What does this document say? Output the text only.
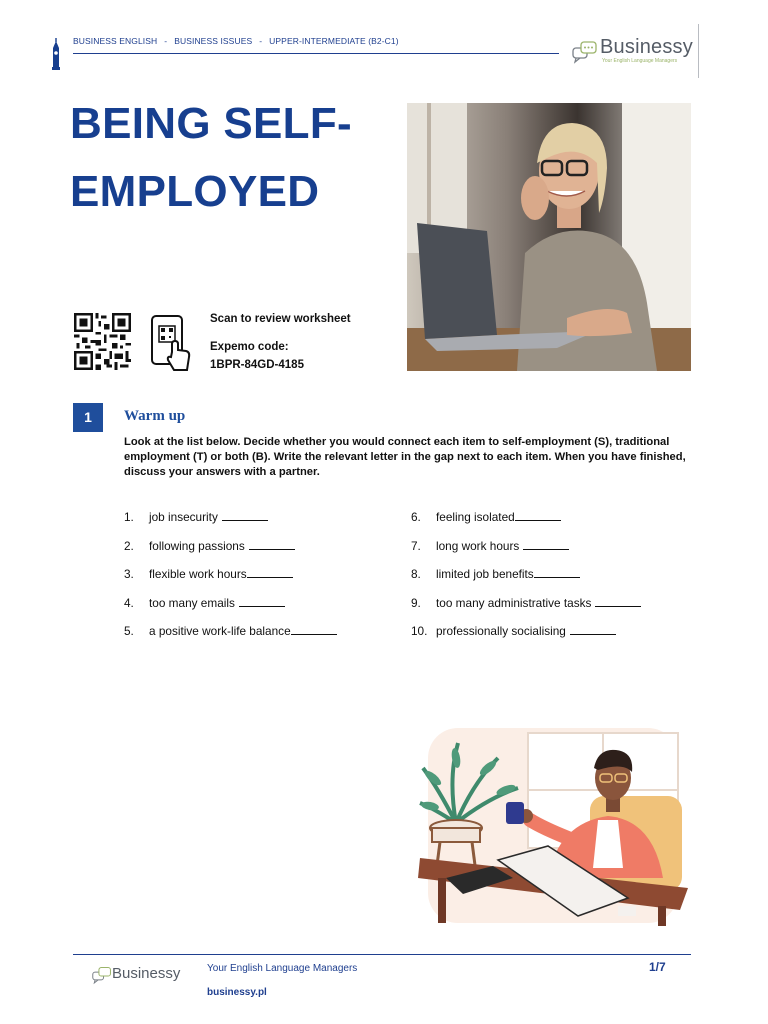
BUSINESS ENGLISH - BUSINESS ISSUES - UPPER-INTERMEDIATE (B2-C1)	Businessy
Your English Language Managers
BEING SELF-
EMPLOYED
Scan to review worksheet
Expemo code:
1BPR-84GD-4185
1	Warm up
Look at the list below. Decide whether you would connect each item to self-employment (S), traditional employment (T) or both (B). Write the relevant letter in the gap next to each item. When you have finished, discuss your answers with a partner.
1. job insecurity
2. following passions
3. flexible work hours
4. too many emails
5. a positive work-life balance
6. feeling isolated
7. long work hours
8. limited job benefits
9. too many administrative tasks
10. professionally socialising
Businessy	Your English Language Managers
businessy.pl
1/7
